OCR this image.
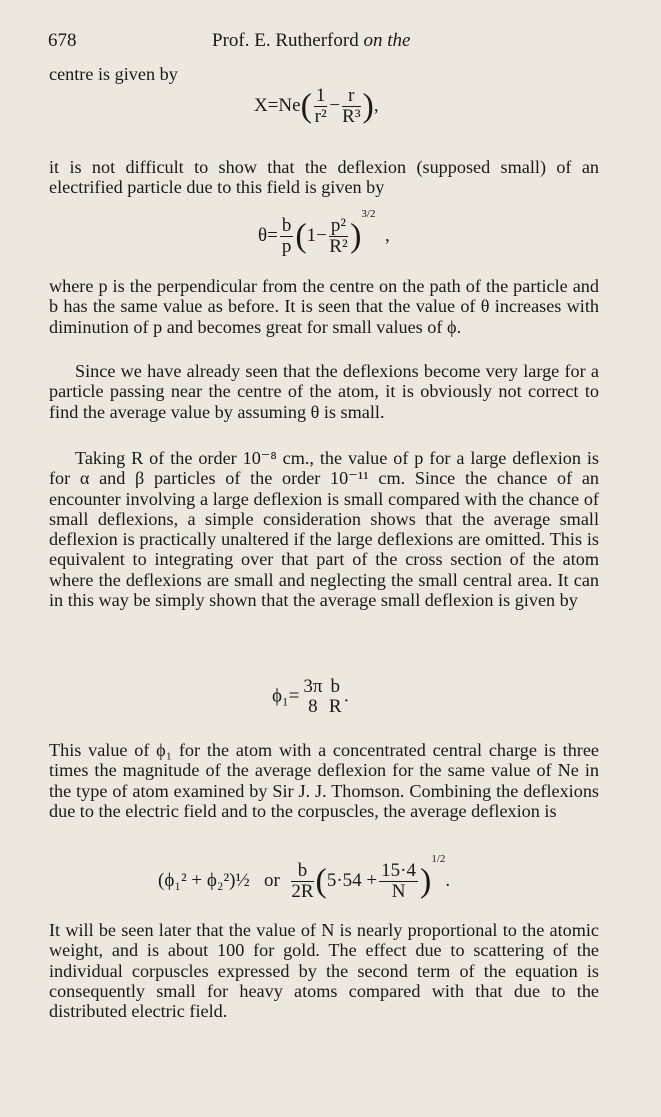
678	Prof. E. Rutherford on the

centre is given by

$X=Ne( \frac{1}{\text{r²}} - \frac{r}{\text{R³}}$ ),

it is not difficult to show that the deflexion (supposed small) of an electrified particle due to this field is given by

$\theta= \frac{b}{p} (1- \frac{\text{p²}}{\text{R²}} )^{3/2}$  ,

where p is the perpendicular from the centre on the path of the particle and b has the same value as before. It is seen that the value of θ increases with diminution of p and becomes great for small values of ϕ.

Since we have already seen that the deflexions become very large for a particle passing near the centre of the atom, it is obviously not correct to find the average value by assuming θ is small.

Taking R of the order 10⁻⁸ cm., the value of p for a large deflexion is for α and β particles of the order 10⁻¹¹ cm. Since the chance of an encounter involving a large deflexion is small compared with the chance of small deflexions, a simple consideration shows that the average small deflexion is practically unaltered if the large deflexions are omitted. This is equivalent to integrating over that part of the cross section of the atom where the deflexions are small and neglecting the small central area. It can in this way be simply shown that the average small deflexion is given by

ϕ₁= 3π
8
b
R
.

This value of ϕ₁ for the atom with a concentrated central charge is three times the magnitude of the average deflexion for the same value of Ne in the type of atom examined by Sir J. J. Thomson. Combining the deflexions due to the electric field and to the corpuscles, the average deflexion is

(ϕ₁² + ϕ₂²)½ or $\frac{b}{2R} (5\cdot 54 + \frac{15\cdot 4}{N} )^{1/2}$.

It will be seen later that the value of N is nearly proportional to the atomic weight, and is about 100 for gold. The effect due to scattering of the individual corpuscles expressed by the second term of the equation is consequently small for heavy atoms compared with that due to the distributed electric field.
